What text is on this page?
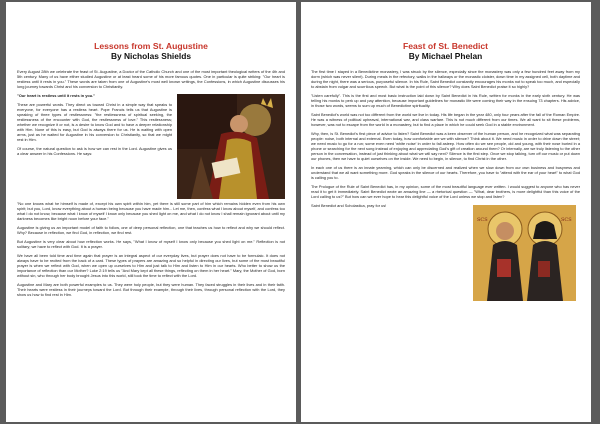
Lessons from St. Augustine
By Nicholas Shields

Every August 28th we celebrate the feast of St. Augustine, a Doctor of the Catholic Church and one of the most important theological writers of the 4th and 5th century. Many of us have either studied Augustine or at least heard some of his more famous quotes. One in particular is quite striking: "Our heart is restless until it rests in you." These words are taken from one of Augustine's most well known writings, the Confessions, in which Augustine discusses his long journey towards Christ and his conversion to Christianity.

"Our heart is restless until it rests in you."

These are powerful words. They direct us toward Christ in a simple way that speaks to everyone, for everyone has a restless heart. Pope Francis tells us that Augustine is speaking of three types of restlessness: "the restlessness of spiritual seeking, the restlessness of the encounter with God, the restlessness of love." This restlessness; whether we recognize it or not, is a desire to know God and to have a deeper relationship with Him. None of this is easy, but God is always there for us. He is waiting with open arms, just as he waited for Augustine in his conversion to Christianity, so that we might rest in Him.

Of course, the natural question to ask is how we can rest in the Lord. Augustine gives us a clear answer in his Confessions. He says:

"No one knows what he himself is made of, except his own spirit within him, yet there is still some part of him which remains hidden even from his own spirit; but you, Lord, know everything about a human being because you have made him... Let me, then, confess what I know about myself, and confess too what I do not know, because what I know of myself I know only because you shed light on me, and what I do not know I shall remain ignorant about until my darkness becomes like bright noon before your face."

Augustine is giving us an important model of faith to follow, one of deep personal reflection, one that teaches us how to reflect and why we should reflect. Why? Because in reflection, we find God, in reflection, we find rest.

But Augustine is very clear about how reflection works. He says, "What I know of myself I know only because you shed light on me." Reflection is not solitary; we have to reflect with God. It is a prayer.

We have all been told time and time again that prayer is an integral aspect of our everyday lives, but prayer does not have to be formulaic. It does not always have to be recited from the back of a card. These types of prayers are amazing and so helpful in directing our lives, but some of the most beautiful prayer is when we reflect with God, when we open up ourselves to Him and just talk to Him and listen to Him in our hearts. Who better to show us the importance of reflection than our Mother? Luke 2:19 tells us "And Mary kept all these things, reflecting on them in her heart." Mary, the Mother of God, born without sin, who through her body brought Jesus into this world, still took the time to reflect with the Lord.

Augustine and Mary are both powerful examples to us. They were holy people, but they were human. They faced struggles in their lives and in their faith. Their hearts were restless in their journeys toward the Lord. But through their example, through their lives, through personal reflection with the Lord, they show us how to find rest in Him.

Feast of St. Benedict
By Michael Phelan

The first time I stayed in a Benedictine monastery, I was struck by the silence, especially since the monastery was only a few hundred feet away from my dorm (which was never silent). During meals in the refectory, walks in the hallways or the monastic cloister, down time in my assigned cell, both daytime and during the night, there was a serious, purposeful silence. In his Rule, Saint Benedict constantly encourages his monks not to speak too much, and especially to abstain from vulgar and scurrilous speech. But what is the point of this silence? Why does Saint Benedict praise it so highly?

"Listen carefully". This is the first and most basic instruction laid down by Saint Benedict in his Rule, written for monks in the early sixth century. He was telling his monks to perk up and pay attention, because important guidelines for monastic life were coming their way in the ensuing 73 chapters. His advice, in those two words, seems to sum up much of Benedictine spirituality.

Saint Benedict's world was not too different from the world we live in today. His life began in the year 480, only four years after the fall of the Roman Empire. He was a witness of political upheaval, international war, and class warfare. This is not much different from our times. We all want to sit these problems, however, was not to escape from the world in a monastery, but to find a place in which he could seek God in a stable environment.

Why, then, is St. Benedict's first piece of advice to listen? Saint Benedict was a keen observer of the human person, and he recognized what was separating people: noise, both internal and external. Even today, how comfortable are we with silence? Think about it. We need music in order to drive down the street; we need music to go for a run; some even need 'white noise' in order to fall asleep. How often do we see people, old and young, with their nose buried in a phone or searching for the next song instead of enjoying and appreciating God's gift of creation around them? Or internally, are we truly listening to the other person in the conversation, instead of just thinking about what we will say next? Silence is the first step. Once we stop talking, turn off our music or put down our phones, then we have to quiet ourselves on the inside. We need to begin, in silence, to find Christ in the other.

In each one of us there is an innate yearning, which can only be discerned and realized when we slow down from our own business and busyness and understand that we all want something more. God speaks in the silence of our hearts. Therefore, you have to "attend with the ear of your heart" to what God is calling you to.

The Prologue of the Rule of Saint Benedict has, in my opinion, some of the most beautiful language ever written. I would suggest to anyone who has never read it to get it immediately. Saint Benedict wrote an amazing line — a rhetorical question — "What, dear brothers, is more delightful than this voice of the Lord calling to us?" But how can we ever hope to hear this delightful voice of the Lord unless we stop and listen?

SCS	SCS

Saint Benedict and Scholastica, pray for us!
